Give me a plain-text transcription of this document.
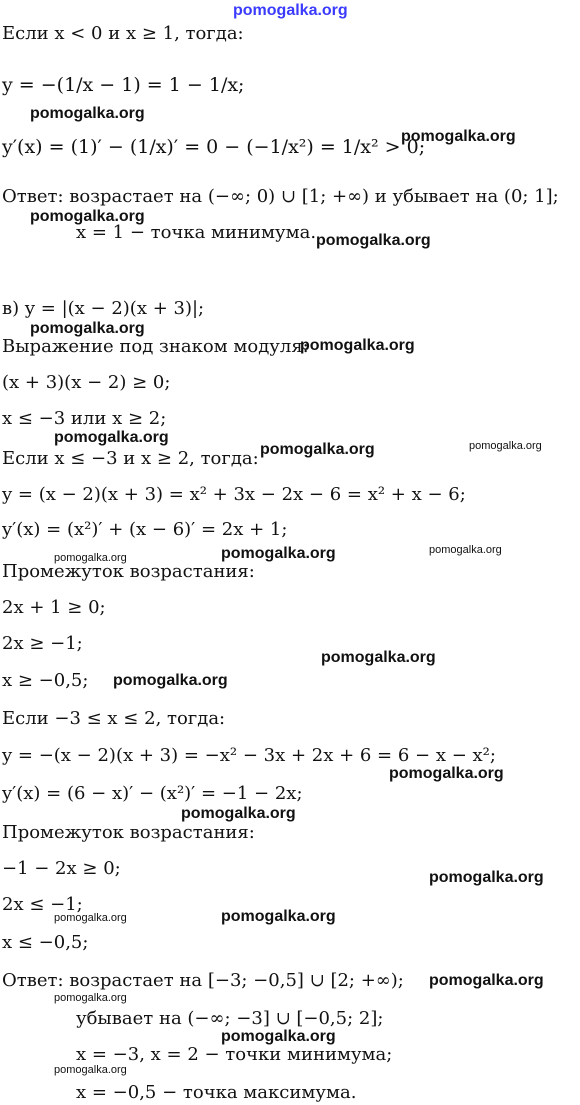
pomogalka.org

Если x < 0 и x ≥ 1, тогда:

y = −(1/x − 1) = 1 − 1/x;

y′(x) = (1)′ − (1/x)′ = 0 − (−1/x²) = 1/x² > 0;

Ответ: возрастает на (−∞; 0) ∪ [1; +∞) и убывает на (0; 1];

x = 1 − точка минимума.

в) y = |(x − 2)(x + 3)|;

Выражение под знаком модуля:

(x + 3)(x − 2) ≥ 0;

x ≤ −3 или x ≥ 2;

Если x ≤ −3 и x ≥ 2, тогда:

y = (x − 2)(x + 3) = x² + 3x − 2x − 6 = x² + x − 6;

y′(x) = (x²)′ + (x − 6)′ = 2x + 1;

Промежуток возрастания:

2x + 1 ≥ 0;

2x ≥ −1;

x ≥ −0,5;

Если −3 ≤ x ≤ 2, тогда:

y = −(x − 2)(x + 3) = −x² − 3x + 2x + 6 = 6 − x − x²;

y′(x) = (6 − x)′ − (x²)′ = −1 − 2x;

Промежуток возрастания:

−1 − 2x ≥ 0;

2x ≤ −1;

x ≤ −0,5;

Ответ: возрастает на [−3; −0,5] ∪ [2; +∞);

убывает на (−∞; −3] ∪ [−0,5; 2];

x = −3, x = 2 − точки минимума;

x = −0,5 − точка максимума.

pomogalka.org
pomogalka.org
pomogalka.org
pomogalka.org
pomogalka.org
pomogalka.org
pomogalka.org
pomogalka.org
pomogalka.org
pomogalka.org
pomogalka.org
pomogalka.org
pomogalka.org
pomogalka.org
pomogalka.org
pomogalka.org
pomogalka.org
pomogalka.org
pomogalka.org
pomogalka.org
pomogalka.org
pomogalka.org
pomogalka.org
